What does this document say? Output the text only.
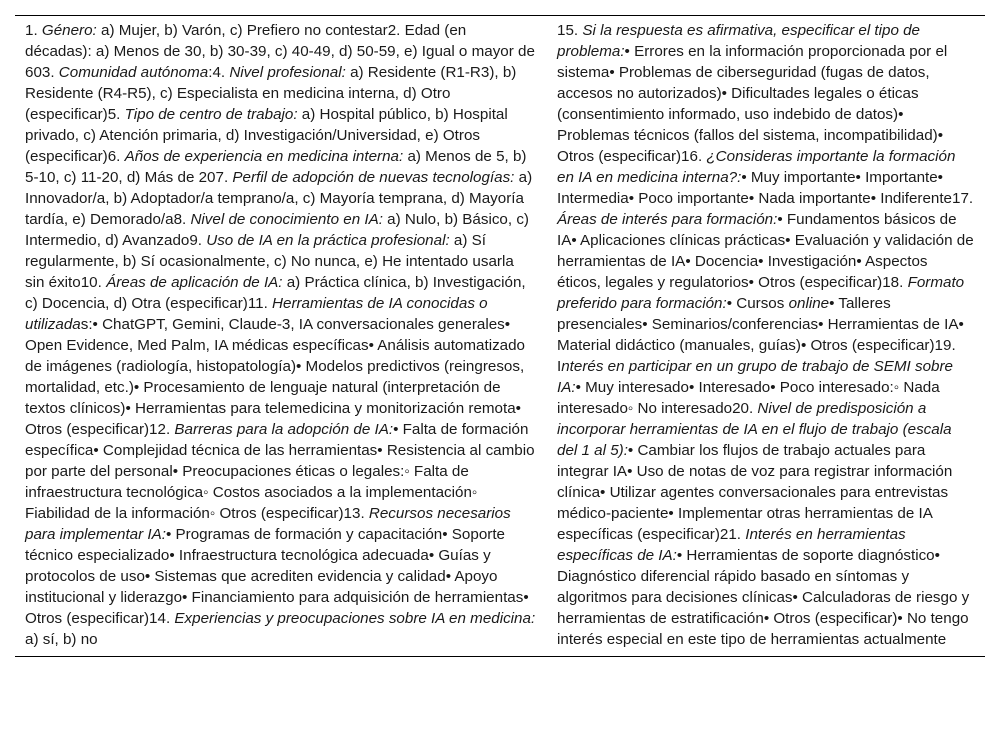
1. Género: a) Mujer, b) Varón, c) Prefiero no contestar2. Edad (en décadas): a) Menos de 30, b) 30-39, c) 40-49, d) 50-59, e) Igual o mayor de 603. Comunidad autónoma:4. Nivel profesional: a) Residente (R1-R3), b) Residente (R4-R5), c) Especialista en medicina interna, d) Otro (especificar)5. Tipo de centro de trabajo: a) Hospital público, b) Hospital privado, c) Atención primaria, d) Investigación/Universidad, e) Otros (especificar)6. Años de experiencia en medicina interna: a) Menos de 5, b) 5-10, c) 11-20, d) Más de 207. Perfil de adopción de nuevas tecnologías: a) Innovador/a, b) Adoptador/a temprano/a, c) Mayoría temprana, d) Mayoría tardía, e) Demorado/a8. Nivel de conocimiento en IA: a) Nulo, b) Básico, c) Intermedio, d) Avanzado9. Uso de IA en la práctica profesional: a) Sí regularmente, b) Sí ocasionalmente, c) No nunca, e) He intentado usarla sin éxito10. Áreas de aplicación de IA: a) Práctica clínica, b) Investigación, c) Docencia, d) Otra (especificar)11. Herramientas de IA conocidas o utilizadas:• ChatGPT, Gemini, Claude-3, IA conversacionales generales• Open Evidence, Med Palm, IA médicas específicas• Análisis automatizado de imágenes (radiología, histopatología)• Modelos predictivos (reingresos, mortalidad, etc.)• Procesamiento de lenguaje natural (interpretación de textos clínicos)• Herramientas para telemedicina y monitorización remota• Otros (especificar)12. Barreras para la adopción de IA:• Falta de formación específica• Complejidad técnica de las herramientas• Resistencia al cambio por parte del personal• Preocupaciones éticas o legales:◦ Falta de infraestructura tecnológica◦ Costos asociados a la implementación◦ Fiabilidad de la información◦ Otros (especificar)13. Recursos necesarios para implementar IA:• Programas de formación y capacitación• Soporte técnico especializado• Infraestructura tecnológica adecuada• Guías y protocolos de uso• Sistemas que acrediten evidencia y calidad• Apoyo institucional y liderazgo• Financiamiento para adquisición de herramientas• Otros (especificar)14. Experiencias y preocupaciones sobre IA en medicina: a) sí, b) no
15. Si la respuesta es afirmativa, especificar el tipo de problema:• Errores en la información proporcionada por el sistema• Problemas de ciberseguridad (fugas de datos, accesos no autorizados)• Dificultades legales o éticas (consentimiento informado, uso indebido de datos)• Problemas técnicos (fallos del sistema, incompatibilidad)• Otros (especificar)16. ¿Consideras importante la formación en IA en medicina interna?:• Muy importante• Importante• Intermedia• Poco importante• Nada importante• Indiferente17. Áreas de interés para formación:• Fundamentos básicos de IA• Aplicaciones clínicas prácticas• Evaluación y validación de herramientas de IA• Docencia• Investigación• Aspectos éticos, legales y regulatorios• Otros (especificar)18. Formato preferido para formación:• Cursos online• Talleres presenciales• Seminarios/conferencias• Herramientas de IA• Material didáctico (manuales, guías)• Otros (especificar)19. Interés en participar en un grupo de trabajo de SEMI sobre IA:• Muy interesado• Interesado• Poco interesado:◦ Nada interesado◦ No interesado20. Nivel de predisposición a incorporar herramientas de IA en el flujo de trabajo (escala del 1 al 5):• Cambiar los flujos de trabajo actuales para integrar IA• Uso de notas de voz para registrar información clínica• Utilizar agentes conversacionales para entrevistas médico-paciente• Implementar otras herramientas de IA específicas (especificar)21. Interés en herramientas específicas de IA:• Herramientas de soporte diagnóstico• Diagnóstico diferencial rápido basado en síntomas y algoritmos para decisiones clínicas• Calculadoras de riesgo y herramientas de estratificación• Otros (especificar)• No tengo interés especial en este tipo de herramientas actualmente
